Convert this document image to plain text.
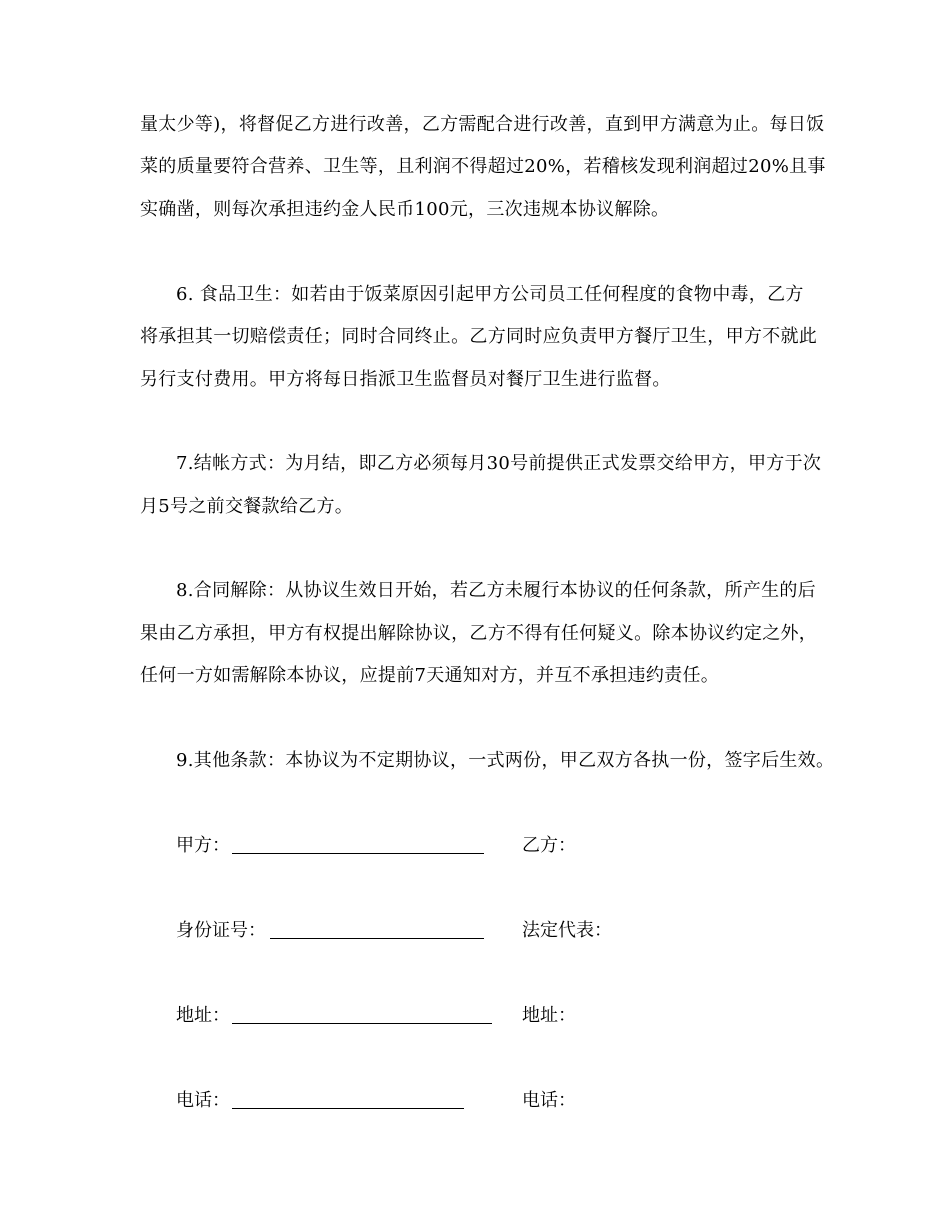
量太少等)，将督促乙方进行改善，乙方需配合进行改善，直到甲方满意为止。每日饭
菜的质量要符合营养、卫生等，且利润不得超过20%，若稽核发现利润超过20%且事
实确凿，则每次承担违约金人民币100元，三次违规本协议解除。
6. 食品卫生：如若由于饭菜原因引起甲方公司员工任何程度的食物中毒，乙方
将承担其一切赔偿责任；同时合同终止。乙方同时应负责甲方餐厅卫生，甲方不就此
另行支付费用。甲方将每日指派卫生监督员对餐厅卫生进行监督。
7.结帐方式：为月结，即乙方必须每月30号前提供正式发票交给甲方，甲方于次
月5号之前交餐款给乙方。
8.合同解除：从协议生效日开始，若乙方未履行本协议的任何条款，所产生的后
果由乙方承担，甲方有权提出解除协议，乙方不得有任何疑义。除本协议约定之外，
任何一方如需解除本协议，应提前7天通知对方，并互不承担违约责任。
9.其他条款：本协议为不定期协议，一式两份，甲乙双方各执一份，签字后生效。
甲方：	乙方：
身份证号：	法定代表：
地址：	地址：
电话：	电话：
